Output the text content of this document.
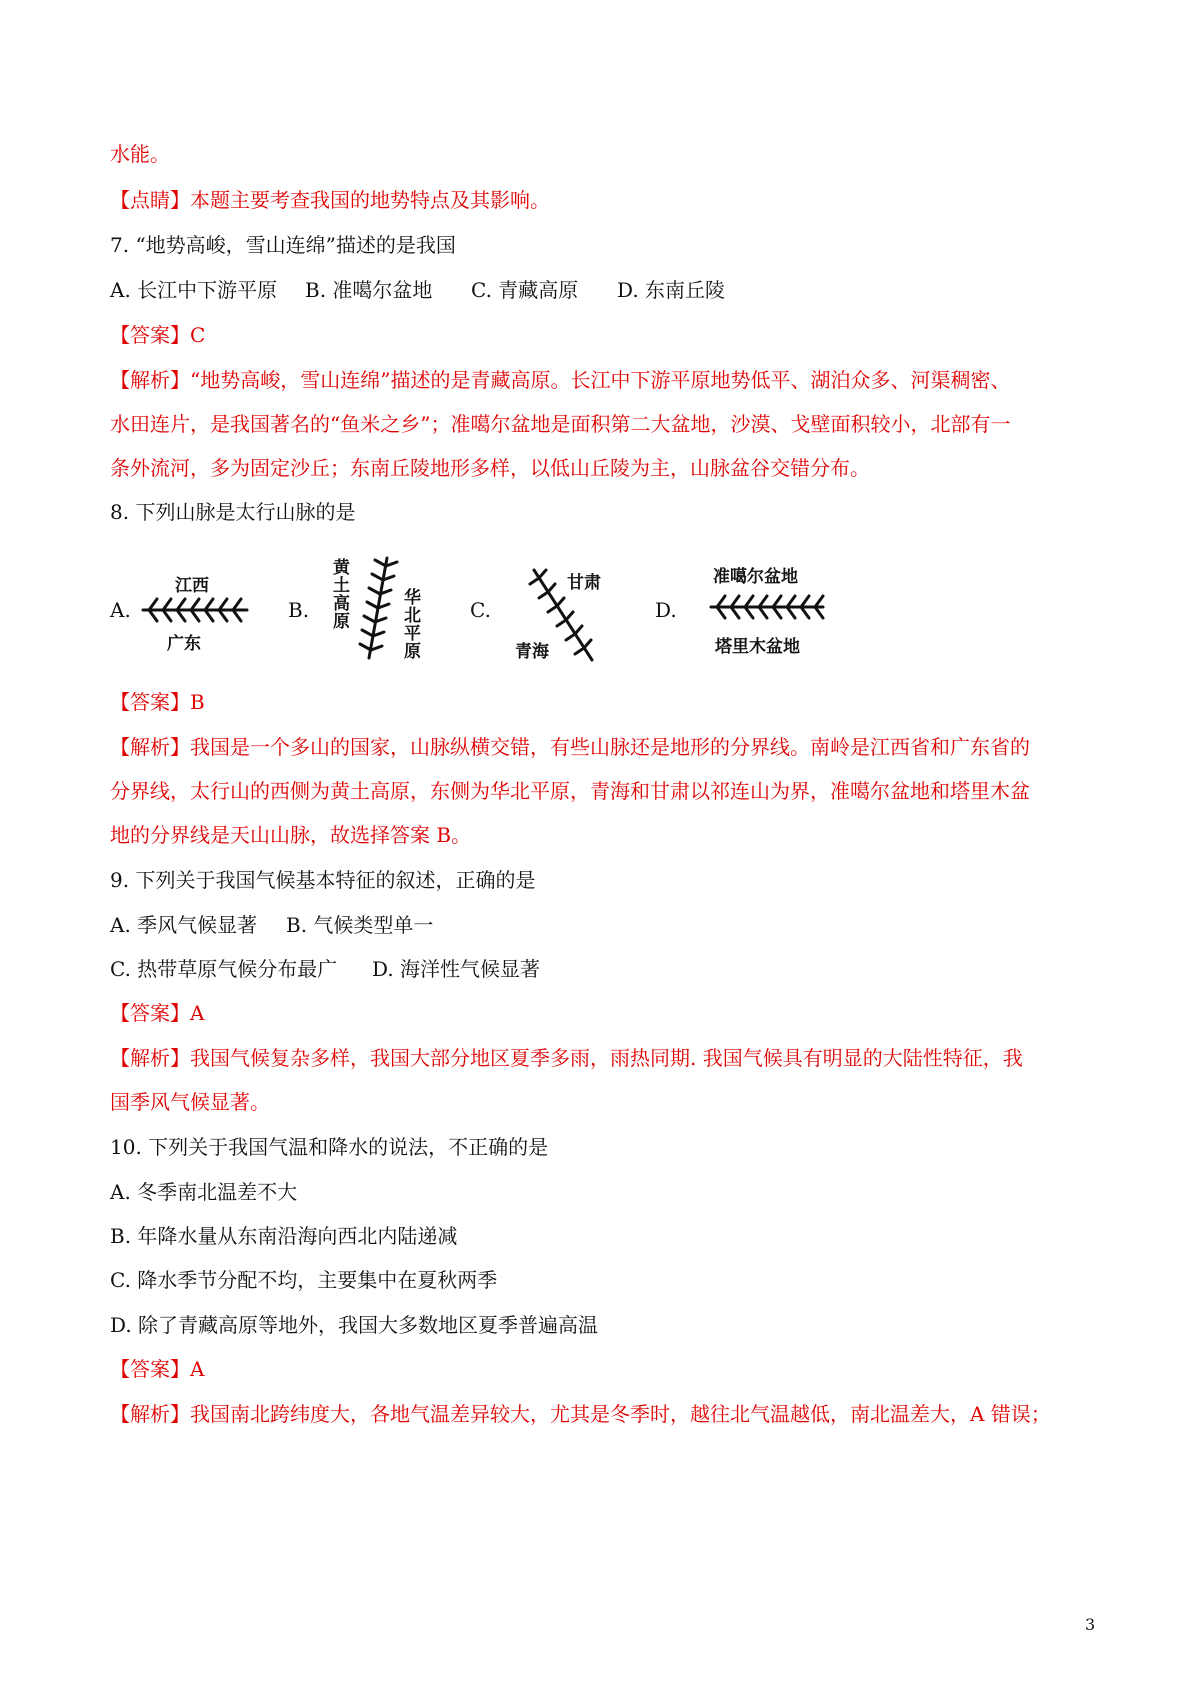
水能。
【点睛】本题主要考查我国的地势特点及其影响。
7. “地势高峻，雪山连绵”描述的是我国
A. 长江中下游平原 B. 准噶尔盆地 C. 青藏高原 D. 东南丘陵
【答案】C
【解析】“地势高峻，雪山连绵”描述的是青藏高原。长江中下游平原地势低平、湖泊众多、河渠稠密、
水田连片，是我国著名的“鱼米之乡”；准噶尔盆地是面积第二大盆地，沙漠、戈壁面积较小，北部有一
条外流河，多为固定沙丘；东南丘陵地形多样，以低山丘陵为主，山脉盆谷交错分布。
8. 下列山脉是太行山脉的是
A.	B.	C.	D.
江西
广东
黄土高原	华北平原
甘肃
青海
准噶尔盆地
塔里木盆地
【答案】B
【解析】我国是一个多山的国家，山脉纵横交错，有些山脉还是地形的分界线。南岭是江西省和广东省的
分界线，太行山的西侧为黄土高原，东侧为华北平原，青海和甘肃以祁连山为界，准噶尔盆地和塔里木盆
地的分界线是天山山脉，故选择答案 B。
9. 下列关于我国气候基本特征的叙述，正确的是
A. 季风气候显著 B. 气候类型单一
C. 热带草原气候分布最广 D. 海洋性气候显著
【答案】A
【解析】我国气候复杂多样，我国大部分地区夏季多雨，雨热同期. 我国气候具有明显的大陆性特征，我
国季风气候显著。
10. 下列关于我国气温和降水的说法，不正确的是
A. 冬季南北温差不大
B. 年降水量从东南沿海向西北内陆递减
C. 降水季节分配不均，主要集中在夏秋两季
D. 除了青藏高原等地外，我国大多数地区夏季普遍高温
【答案】A
【解析】我国南北跨纬度大，各地气温差异较大，尤其是冬季时，越往北气温越低，南北温差大，A 错误；
3
